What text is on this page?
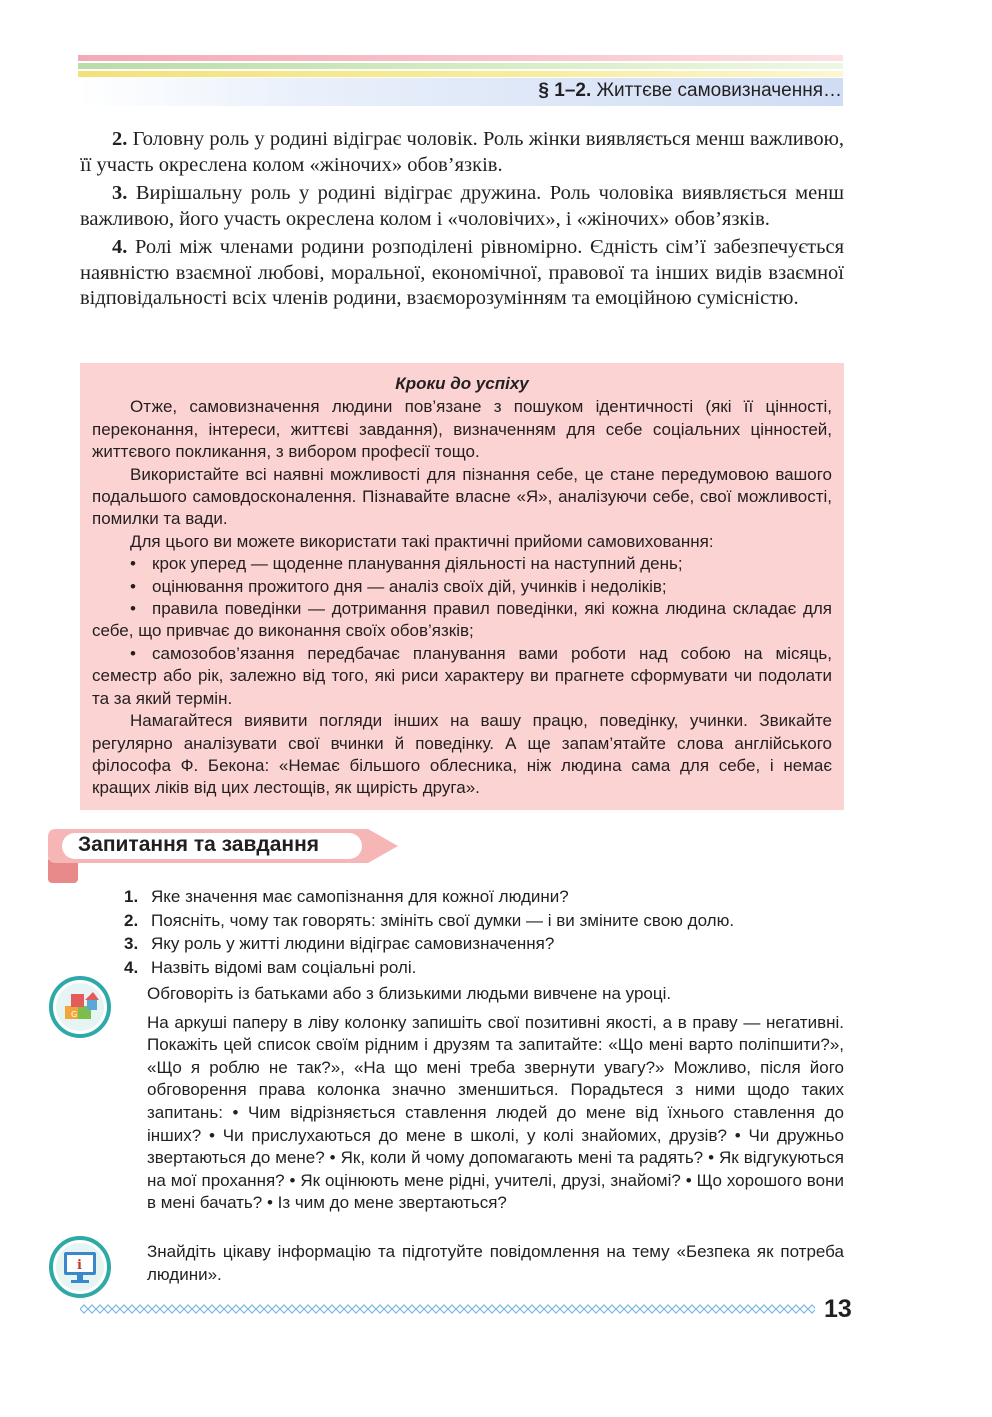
§ 1–2. Життєве самовизначення…

2. Головну роль у родині відіграє чоловік. Роль жінки виявляється менш важливою, її участь окреслена колом «жіночих» обов’язків.

3. Вирішальну роль у родині відіграє дружина. Роль чоловіка виявляється менш важливою, його участь окреслена колом і «чоловічих», і «жіночих» обов’язків.

4. Ролі між членами родини розподілені рівномірно. Єдність сім’ї забезпечується наявністю взаємної любові, моральної, економічної, правової та інших видів взаємної відповідальності всіх членів родини, взаєморозумінням та емоційною сумісністю.

Кроки до успіху

Отже, самовизначення людини пов’язане з пошуком ідентичності (які її цінності, переконання, інтереси, життєві завдання), визначенням для себе соціальних цінностей, життєвого покликання, з вибором професії тощо.

Використайте всі наявні можливості для пізнання себе, це стане передумовою вашого подальшого самовдосконалення. Пізнавайте власне «Я», аналізуючи себе, свої можливості, помилки та вади.

Для цього ви можете використати такі практичні прийоми самовиховання:

• крок уперед — щоденне планування діяльності на наступний день;

• оцінювання прожитого дня — аналіз своїх дій, учинків і недоліків;

• правила поведінки — дотримання правил поведінки, які кожна людина складає для себе, що привчає до виконання своїх обов’язків;

• самозобов’язання передбачає планування вами роботи над собою на місяць, семестр або рік, залежно від того, які риси характеру ви прагнете сформувати чи подолати та за який термін.

Намагайтеся виявити погляди інших на вашу працю, поведінку, учинки. Звикайте регулярно аналізувати свої вчинки й поведінку. А ще запам’ятайте слова англійського філософа Ф. Бекона: «Немає більшого облесника, ніж людина сама для себе, і немає кращих ліків від цих лестощів, як щирість друга».

Запитання та завдання
1. Яке значення має самопізнання для кожної людини?
2. Поясніть, чому так говорять: змініть свої думки — і ви зміните свою долю.
3. Яку роль у житті людини відіграє самовизначення?
4. Назвіть відомі вам соціальні ролі.
G

Обговоріть із батьками або з близькими людьми вивчене на уроці.

На аркуші паперу в ліву колонку запишіть свої позитивні якості, а в праву — негативні. Покажіть цей список своїм рідним і друзям та запитайте: «Що мені варто поліпшити?», «Що я роблю не так?», «На що мені треба звернути увагу?» Можливо, після його обговорення права колонка значно зменшиться. Порадьтеся з ними щодо таких запитань: • Чим відрізняється ставлення людей до мене від їхнього ставлення до інших? • Чи прислухаються до мене в школі, у колі знайомих, друзів? • Чи дружньо звертаються до мене? • Як, коли й чому допомагають мені та радять? • Як відгукуються на мої прохання? • Як оцінюють мене рідні, учителі, друзі, знайомі? • Що хорошого вони в мені бачать? • Із чим до мене звертаються?

i

Знайдіть цікаву інформацію та підготуйте повідомлення на тему «Безпека як потреба людини».

13
